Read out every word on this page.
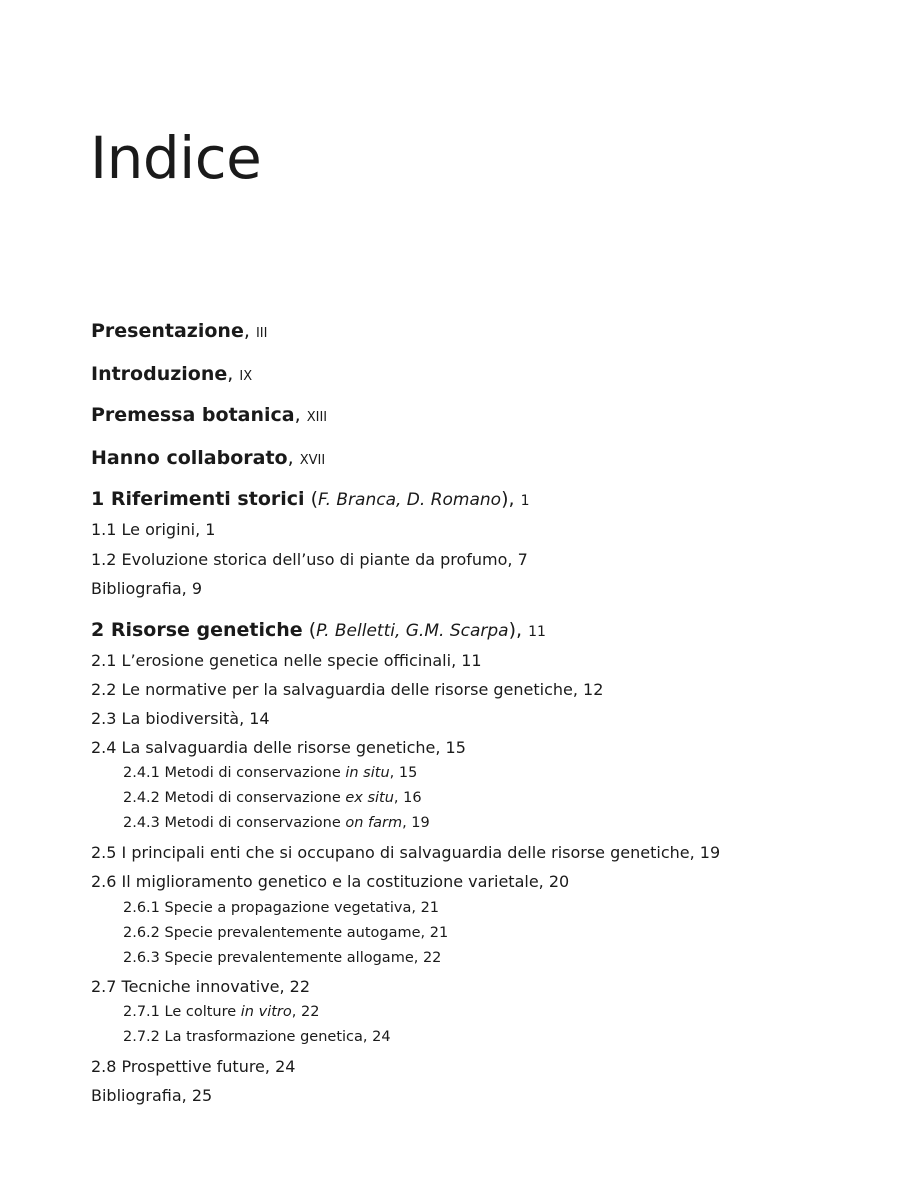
Indice
Presentazione, III
Introduzione, IX
Premessa botanica, XIII
Hanno collaborato, XVII
1 Riferimenti storici (F. Branca, D. Romano), 1
1.1 Le origini, 1
1.2 Evoluzione storica dell’uso di piante da profumo, 7
Bibliografia, 9
2 Risorse genetiche (P. Belletti, G.M. Scarpa), 11
2.1 L’erosione genetica nelle specie officinali, 11
2.2 Le normative per la salvaguardia delle risorse genetiche, 12
2.3 La biodiversità, 14
2.4 La salvaguardia delle risorse genetiche, 15
2.4.1 Metodi di conservazione in situ, 15
2.4.2 Metodi di conservazione ex situ, 16
2.4.3 Metodi di conservazione on farm, 19
2.5 I principali enti che si occupano di salvaguardia delle risorse genetiche, 19
2.6 Il miglioramento genetico e la costituzione varietale, 20
2.6.1 Specie a propagazione vegetativa, 21
2.6.2 Specie prevalentemente autogame, 21
2.6.3 Specie prevalentemente allogame, 22
2.7 Tecniche innovative, 22
2.7.1 Le colture in vitro, 22
2.7.2 La trasformazione genetica, 24
2.8 Prospettive future, 24
Bibliografia, 25
